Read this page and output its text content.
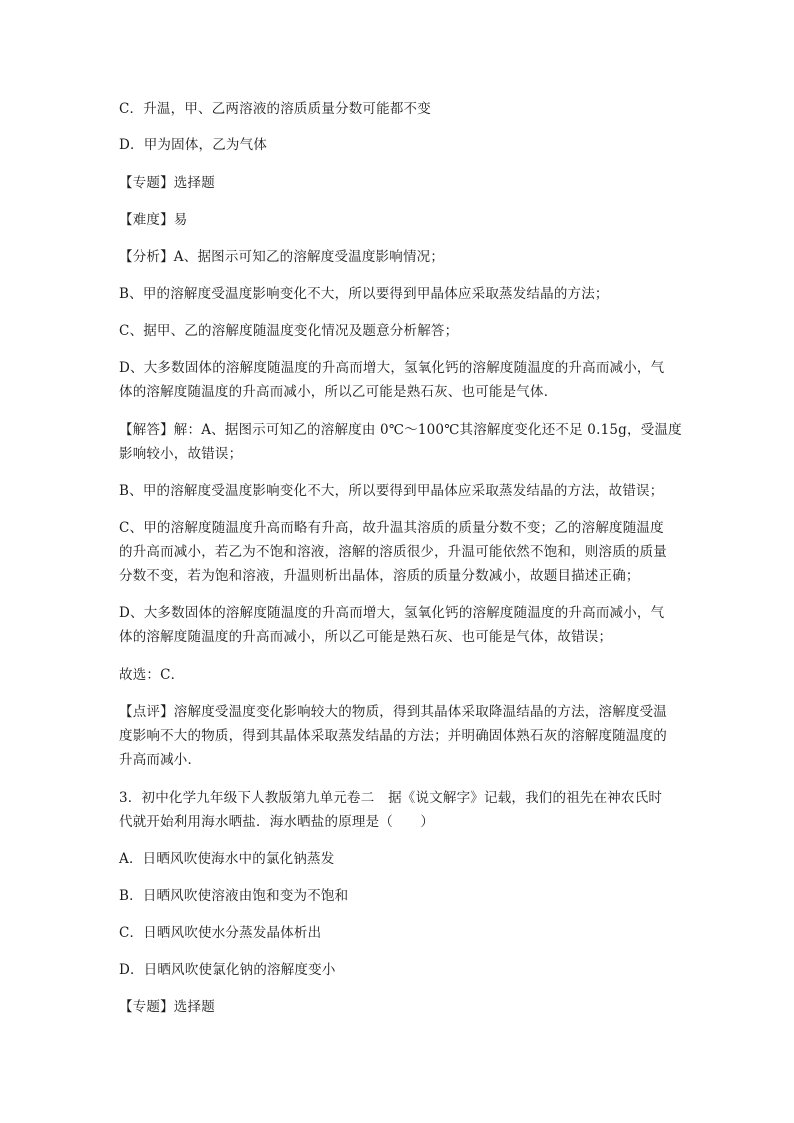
C．升温，甲、乙两溶液的溶质质量分数可能都不变
D．甲为固体，乙为气体
【专题】选择题
【难度】易
【分析】A、据图示可知乙的溶解度受温度影响情况；
B、甲的溶解度受温度影响变化不大，所以要得到甲晶体应采取蒸发结晶的方法；
C、据甲、乙的溶解度随温度变化情况及题意分析解答；
D、大多数固体的溶解度随温度的升高而增大，氢氧化钙的溶解度随温度的升高而减小，气
体的溶解度随温度的升高而减小，所以乙可能是熟石灰、也可能是气体．
【解答】解：A、据图示可知乙的溶解度由 0℃～100℃其溶解度变化还不足 0.15g，受温度
影响较小，故错误；
B、甲的溶解度受温度影响变化不大，所以要得到甲晶体应采取蒸发结晶的方法，故错误；
C、甲的溶解度随温度升高而略有升高，故升温其溶质的质量分数不变；乙的溶解度随温度
的升高而减小，若乙为不饱和溶液，溶解的溶质很少，升温可能依然不饱和，则溶质的质量
分数不变，若为饱和溶液，升温则析出晶体，溶质的质量分数减小，故题目描述正确；
D、大多数固体的溶解度随温度的升高而增大，氢氧化钙的溶解度随温度的升高而减小，气
体的溶解度随温度的升高而减小，所以乙可能是熟石灰、也可能是气体，故错误；
故选：C．
【点评】溶解度受温度变化影响较大的物质，得到其晶体采取降温结晶的方法，溶解度受温
度影响不大的物质，得到其晶体采取蒸发结晶的方法；并明确固体熟石灰的溶解度随温度的
升高而减小．
3．初中化学九年级下人教版第九单元卷二　据《说文解字》记载，我们的祖先在神农氏时
代就开始利用海水晒盐．海水晒盐的原理是（　　）
A．日晒风吹使海水中的氯化钠蒸发
B．日晒风吹使溶液由饱和变为不饱和
C．日晒风吹使水分蒸发晶体析出
D．日晒风吹使氯化钠的溶解度变小
【专题】选择题
